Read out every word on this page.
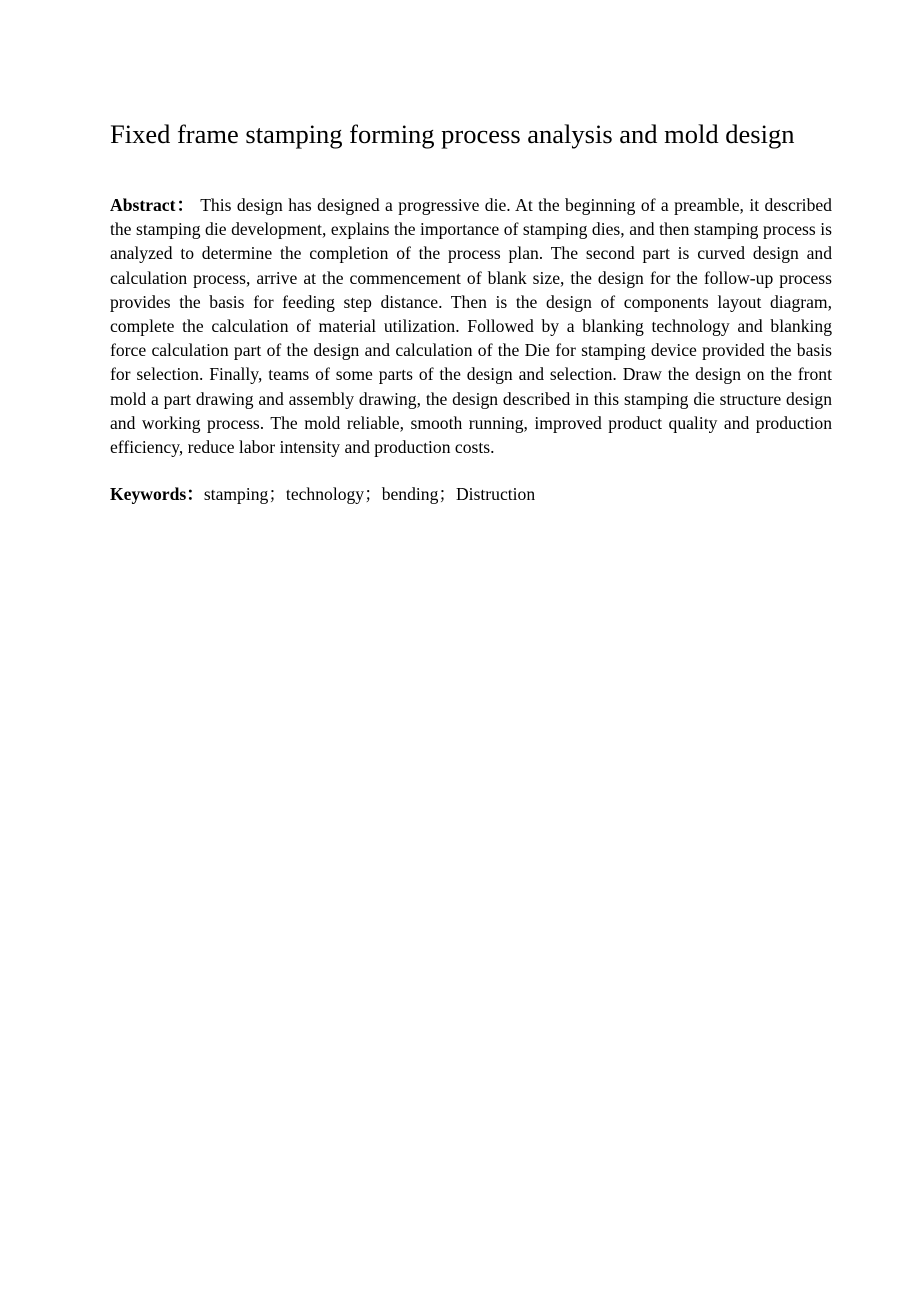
Fixed frame stamping forming process analysis and mold design

Abstract： This design has designed a progressive die. At the beginning of a preamble, it described the stamping die development, explains the importance of stamping dies, and then stamping process is analyzed to determine the completion of the process plan. The second part is curved design and calculation process, arrive at the commencement of blank size, the design for the follow-up process provides the basis for feeding step distance. Then is the design of components layout diagram, complete the calculation of material utilization. Followed by a blanking technology and blanking force calculation part of the design and calculation of the Die for stamping device provided the basis for selection. Finally, teams of some parts of the design and selection. Draw the design on the front mold a part drawing and assembly drawing, the design described in this stamping die structure design and working process. The mold reliable, smooth running, improved product quality and production efficiency, reduce labor intensity and production costs.

Keywords：stamping；technology；bending；Distruction
